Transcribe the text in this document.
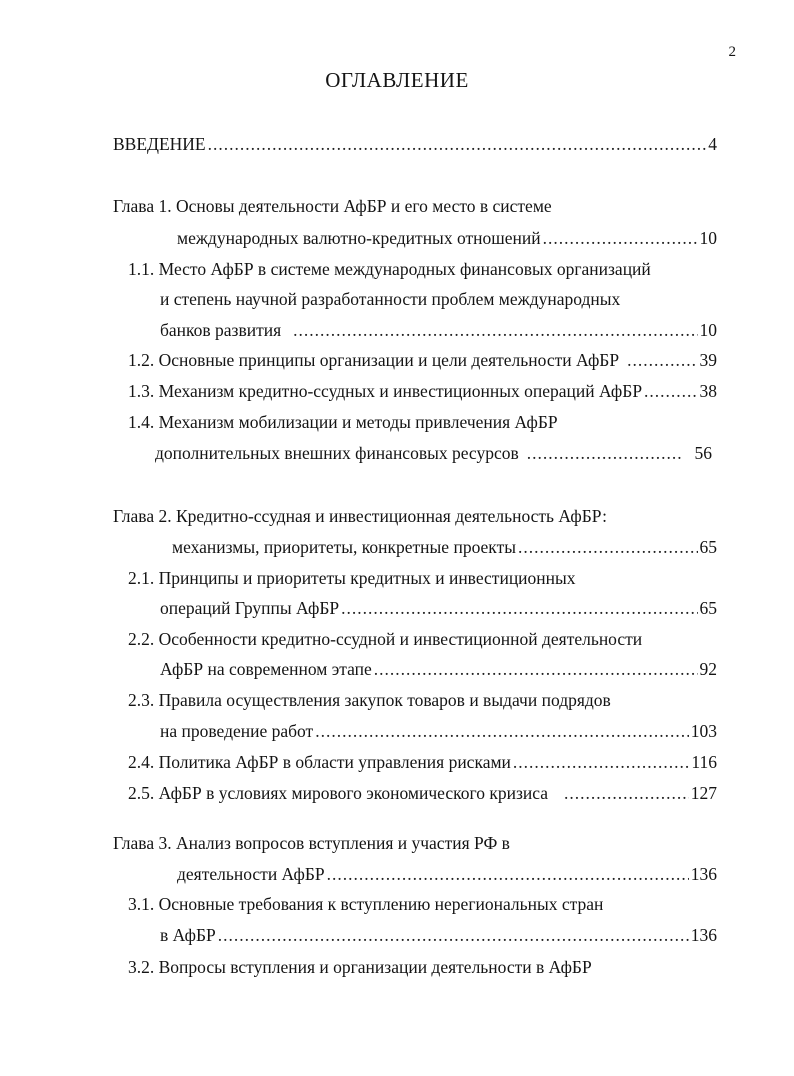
2
ОГЛАВЛЕНИЕ
ВВЕДЕНИЕ .....	4
Глава 1. Основы деятельности АфБР и его место в системе
международных валютно-кредитных отношений .....	10
1.1. Место АфБР в системе международных финансовых организаций
и степень научной разработанности проблем международных
банков развития .....	10
1.2. Основные принципы организации и цели деятельности АфБР .....	39
1.3. Механизм кредитно-ссудных и инвестиционных операций АфБР .....	38
1.4. Механизм мобилизации и методы привлечения АфБР
дополнительных внешних финансовых ресурсов .....	56
Глава 2. Кредитно-ссудная и инвестиционная деятельность АфБР:
механизмы, приоритеты, конкретные проекты .....	65
2.1. Принципы и приоритеты кредитных и инвестиционных
операций Группы АфБР .....	65
2.2. Особенности кредитно-ссудной и инвестиционной деятельности
АфБР на современном этапе .....	92
2.3. Правила осуществления закупок товаров и выдачи подрядов
на проведение работ .....	103
2.4. Политика АфБР в области управления рисками .....	116
2.5. АфБР в условиях мирового экономического кризиса .....	127
Глава 3. Анализ вопросов вступления и участия РФ в
деятельности АфБР .....	136
3.1. Основные требования к вступлению нерегиональных стран
в АфБР .....	136
3.2. Вопросы вступления и организации деятельности в АфБР
